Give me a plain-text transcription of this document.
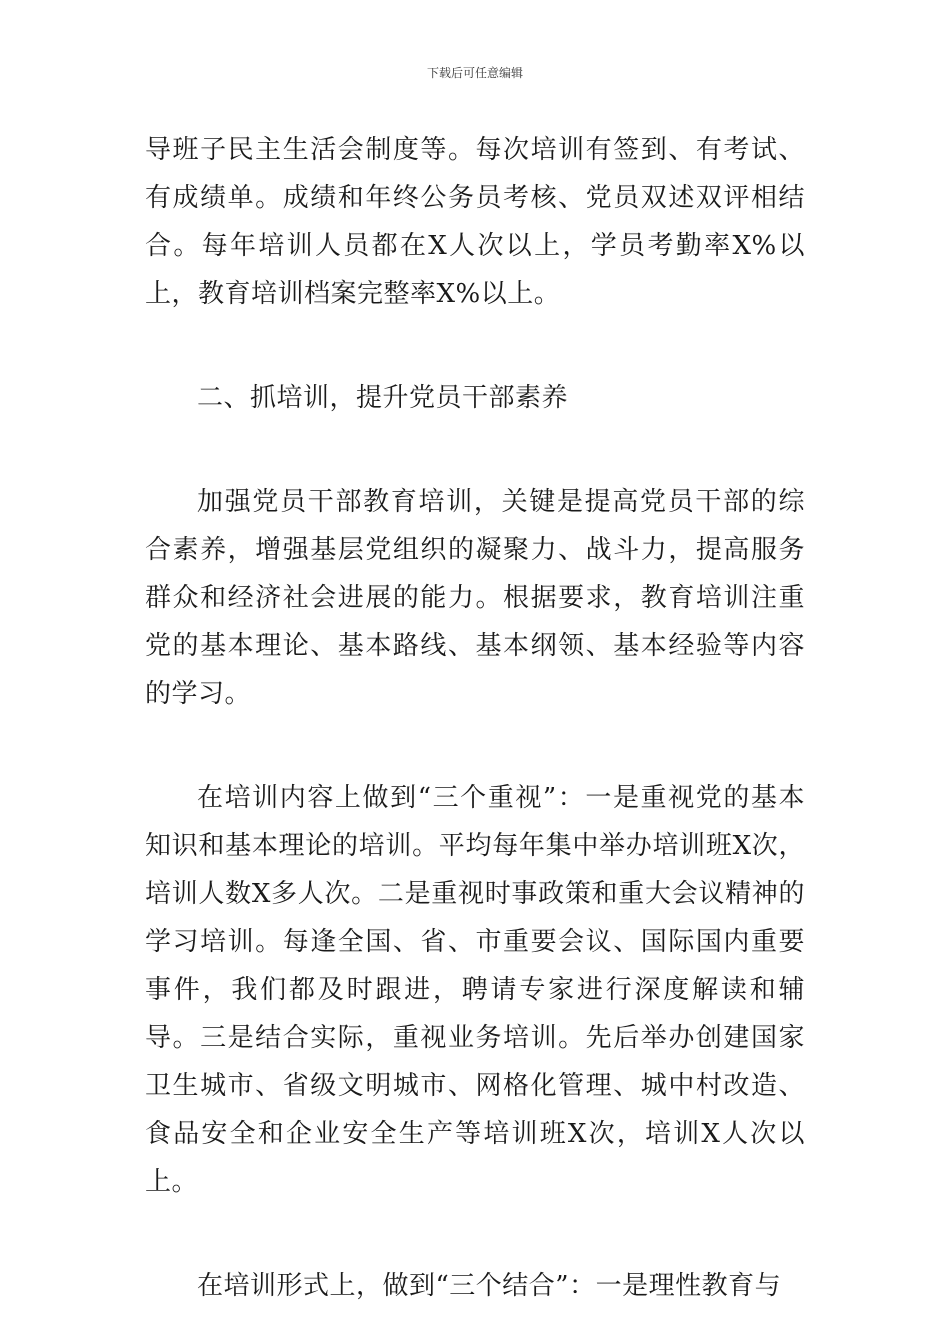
下载后可任意编辑

导班子民主生活会制度等。每次培训有签到、有考试、有成绩单。成绩和年终公务员考核、党员双述双评相结合。每年培训人员都在X人次以上，学员考勤率X%以上，教育培训档案完整率X%以上。

二、抓培训，提升党员干部素养

加强党员干部教育培训，关键是提高党员干部的综合素养，增强基层党组织的凝聚力、战斗力，提高服务群众和经济社会进展的能力。根据要求，教育培训注重党的基本理论、基本路线、基本纲领、基本经验等内容的学习。

在培训内容上做到“三个重视”：一是重视党的基本知识和基本理论的培训。平均每年集中举办培训班X次，培训人数X多人次。二是重视时事政策和重大会议精神的学习培训。每逢全国、省、市重要会议、国际国内重要事件，我们都及时跟进，聘请专家进行深度解读和辅导。三是结合实际，重视业务培训。先后举办创建国家卫生城市、省级文明城市、网格化管理、城中村改造、食品安全和企业安全生产等培训班X次，培训X人次以上。

在培训形式上，做到“三个结合”：一是理性教育与
